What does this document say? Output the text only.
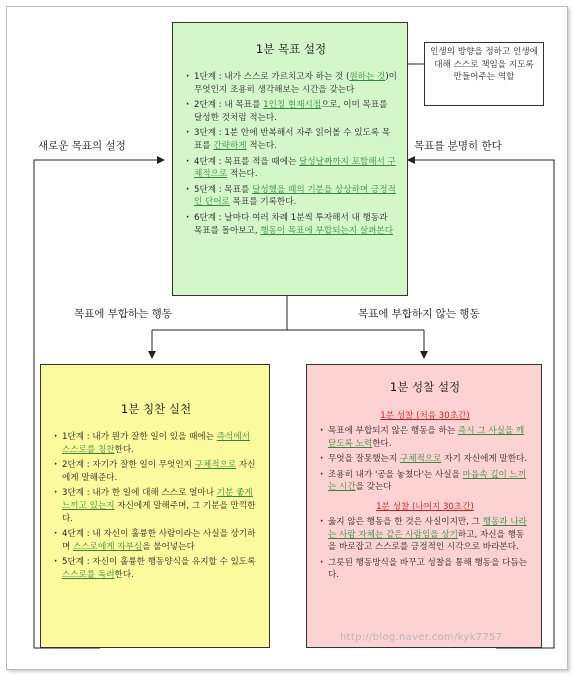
1분 목표 설정
· 1단계 : 내가 스스로 가르치고자 하는 것 (원하는 것)이 무엇인지 조용히 생각해보는 시간을 갖는다
· 2단계 : 내 목표를 1인칭 현재시점으로, 이미 목표를 달성한 것처럼 적는다.
· 3단계 : 1분 안에 반복해서 자주 읽어볼 수 있도록 목표를 간략하게 적는다.
· 4단계 : 목표를 적을 때에는 달성날짜까지 포함해서 구체적으로 적는다.
· 5단계 : 목표를 달성했을 때의 기분을 상상하며 긍정적인 단어로 목표를 기록한다.
· 6단계 : 날마다 여러 차례 1분씩 투자해서 내 행동과 목표를 돌아보고, 행동이 목표에 부합되는지 살펴본다
인생의 방향을 정하고 인생에 대해 스스로 책임을 지도록 만들어주는 역할
새로운 목표의 설정	목표를 분명히 한다
목표에 부합하는 행동	목표에 부합하지 않는 행동
1분 칭찬 실천
· 1단계 : 내가 뭔가 잘한 일이 있을 때에는 즉석에서 스스로를 칭찬한다.
· 2단계 : 자기가 잘한 일이 무엇인지 구체적으로 자신에게 말해준다.
· 3단계 : 내가 한 일에 대해 스스로 얼마나 기분 좋게 느끼고 있는지 자신에게 말해주며, 그 기분을 만끽한다.
· 4단계 : 내 자신이 훌륭한 사람이라는 사실을 상기하며 스스로에게 자부심을 불어넣는다
· 5단계 : 자신이 훌륭한 행동양식을 유지할 수 있도록 스스로를 독려한다.
1분 성찰 설정
1분 성찰 (처음 30초간)
· 목표에 부합되지 않은 행동을 하는 즉시 그 사실을 깨닫도록 노력한다.
· 무엇을 잘못했는지 구체적으로 자기 자신에게 말한다.
· 조용히 내가 '공을 놓쳤다'는 사실을 마음속 깊이 느끼는 시간을 갖는다
1분 성찰 (나머지 30초간)
· 옳지 않은 행동을 한 것은 사실이지만, 그 행동과 나라는 사람 자체는 같은 사람임을 상기하고, 자신을 행동을 바로잡고 스스로를 긍정적인 시각으로 바라본다.
· 그릇된 행동방식을 바꾸고 성찰을 통해 행동을 다듬는다.
http://blog.naver.com/kyk7757
